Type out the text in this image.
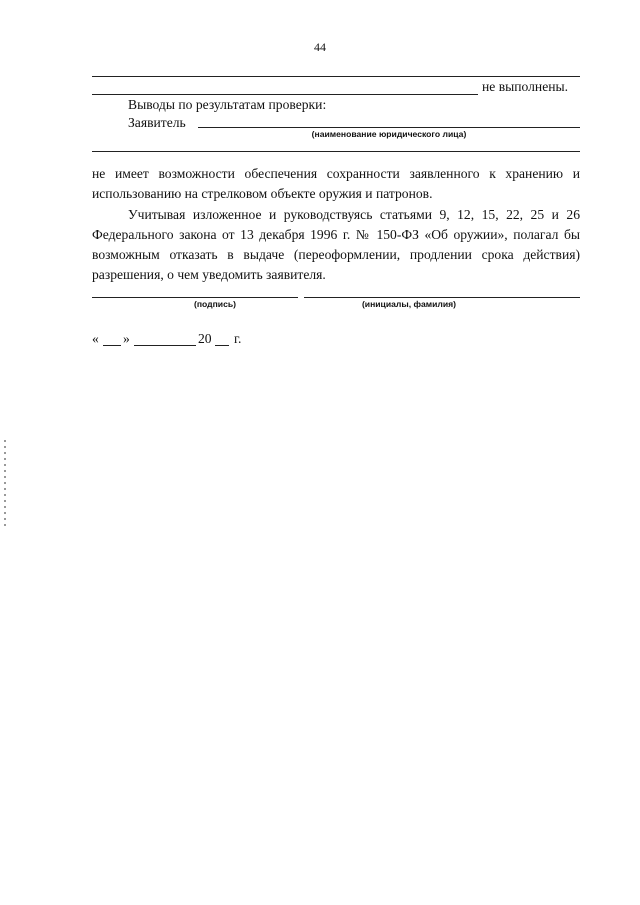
44
не выполнены.
Выводы по результатам проверки:
Заявитель
(наименование юридического лица)
не имеет возможности обеспечения сохранности заявленного к хранению и использованию на стрелковом объекте оружия и патронов.
Учитывая изложенное и руководствуясь статьями 9, 12, 15, 22, 25 и 26 Федерального закона от 13 декабря 1996 г. № 150-ФЗ «Об оружии», полагал бы возможным отказать в выдаче (переоформлении, продлении срока действия) разрешения, о чем уведомить заявителя.
(подпись)	(инициалы, фамилия)
« »	20 г.
